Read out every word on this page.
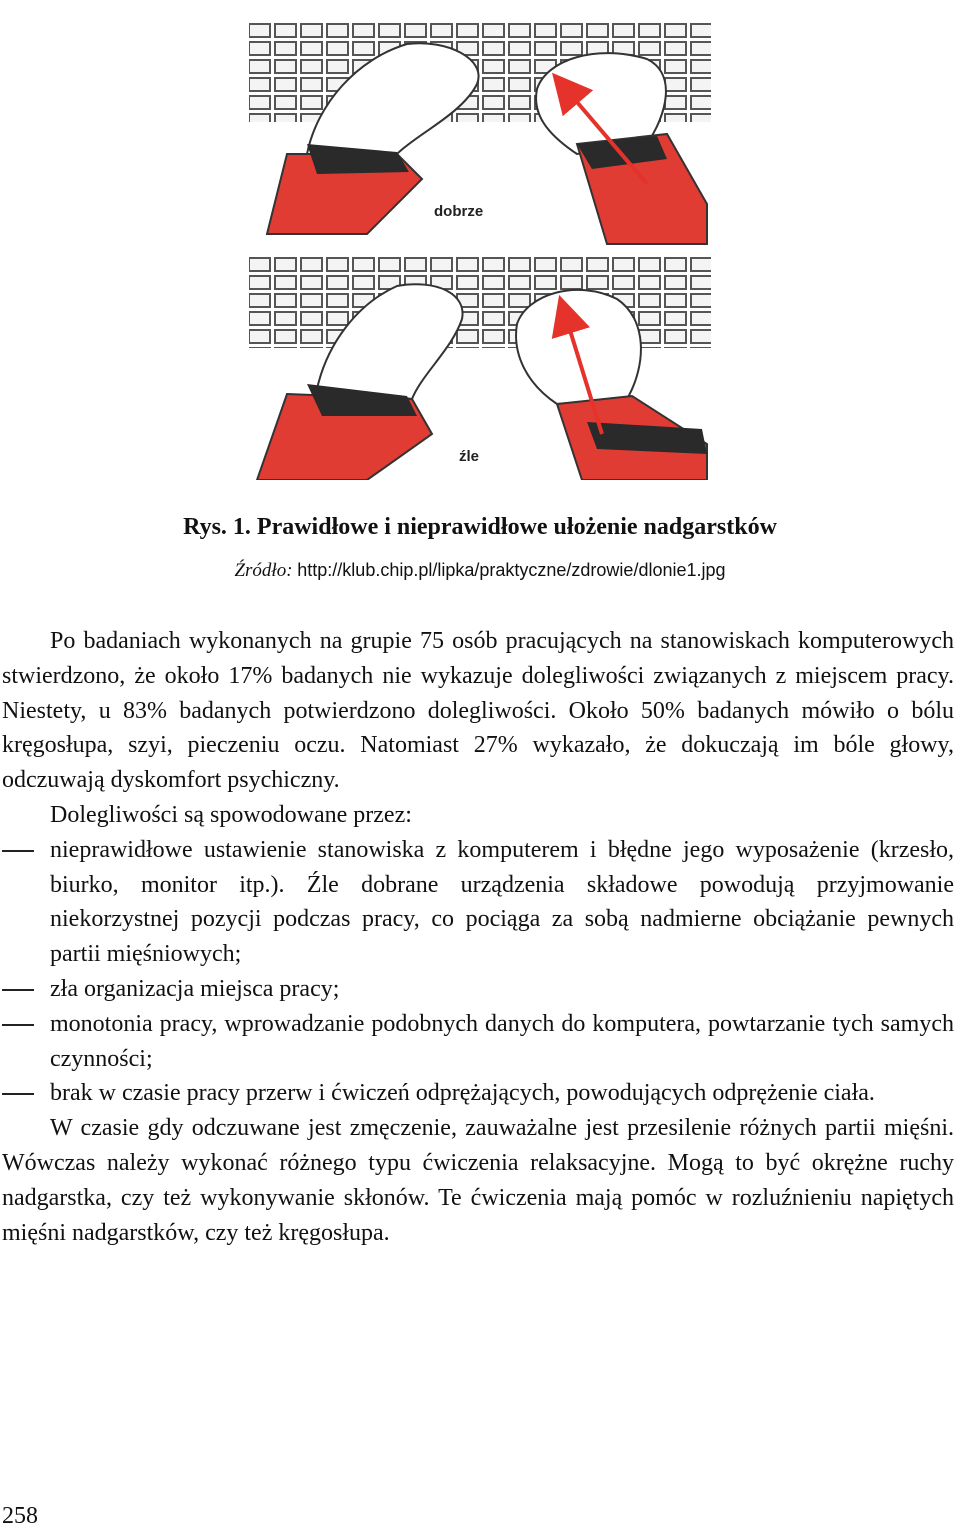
dobrze
źle
Rys. 1. Prawidłowe i nieprawidłowe ułożenie nadgarstków
Źródło: http://klub.chip.pl/lipka/praktyczne/zdrowie/dlonie1.jpg

Po badaniach wykonanych na grupie 75 osób pracujących na stanowiskach komputerowych stwierdzono, że około 17% badanych nie wykazuje dolegliwości związanych z miejscem pracy. Niestety, u 83% badanych potwierdzono dolegliwości. Około 50% badanych mówiło o bólu kręgosłupa, szyi, pieczeniu oczu. Natomiast 27% wykazało, że dokuczają im bóle głowy, odczuwają dyskomfort psychiczny.

Dolegliwości są spowodowane przez:

nieprawidłowe ustawienie stanowiska z komputerem i błędne jego wyposażenie (krzesło, biurko, monitor itp.). Źle dobrane urządzenia składowe powodują przyjmowanie niekorzystnej pozycji podczas pracy, co pociąga za sobą nadmierne obciążanie pewnych partii mięśniowych;
zła organizacja miejsca pracy;
monotonia pracy, wprowadzanie podobnych danych do komputera, powtarzanie tych samych czynności;
brak w czasie pracy przerw i ćwiczeń odprężających, powodujących odprężenie ciała.

W czasie gdy odczuwane jest zmęczenie, zauważalne jest przesilenie różnych partii mięśni. Wówczas należy wykonać różnego typu ćwiczenia relaksacyjne. Mogą to być okrężne ruchy nadgarstka, czy też wykonywanie skłonów. Te ćwiczenia mają pomóc w rozluźnieniu napiętych mięśni nadgarstków, czy też kręgosłupa.

258
